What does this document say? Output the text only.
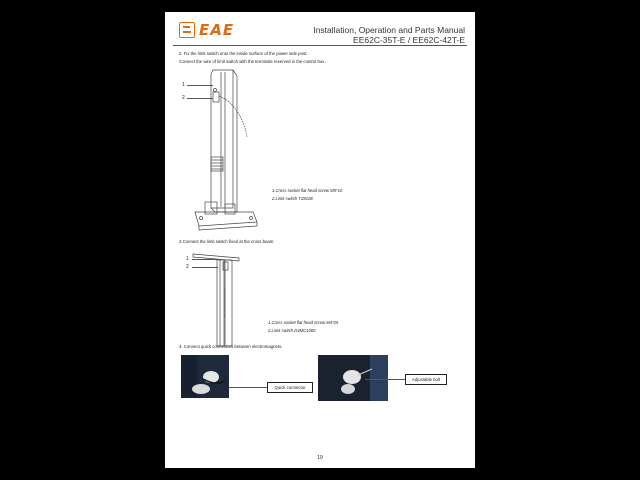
EAE	Installation, Operation and Parts Manual
EE62C-35T-E / EE62C-42T-E
2. Fix the limit switch onto the inside surface of the power side post.
Connect the wire of limit switch with the terminals reserved in the control box.
1
2
1.Cross socket flat head screw M5*10
2.Limit switch TZ8108
3.Connect the limit switch fixed at the cross beam.
1
2
1.Cross socket flat head screw M4*25
2.Limit switch D4MC1000
4. Connect quick connectors between electromagnets.
Quick connector
Adjustable bolt
19
